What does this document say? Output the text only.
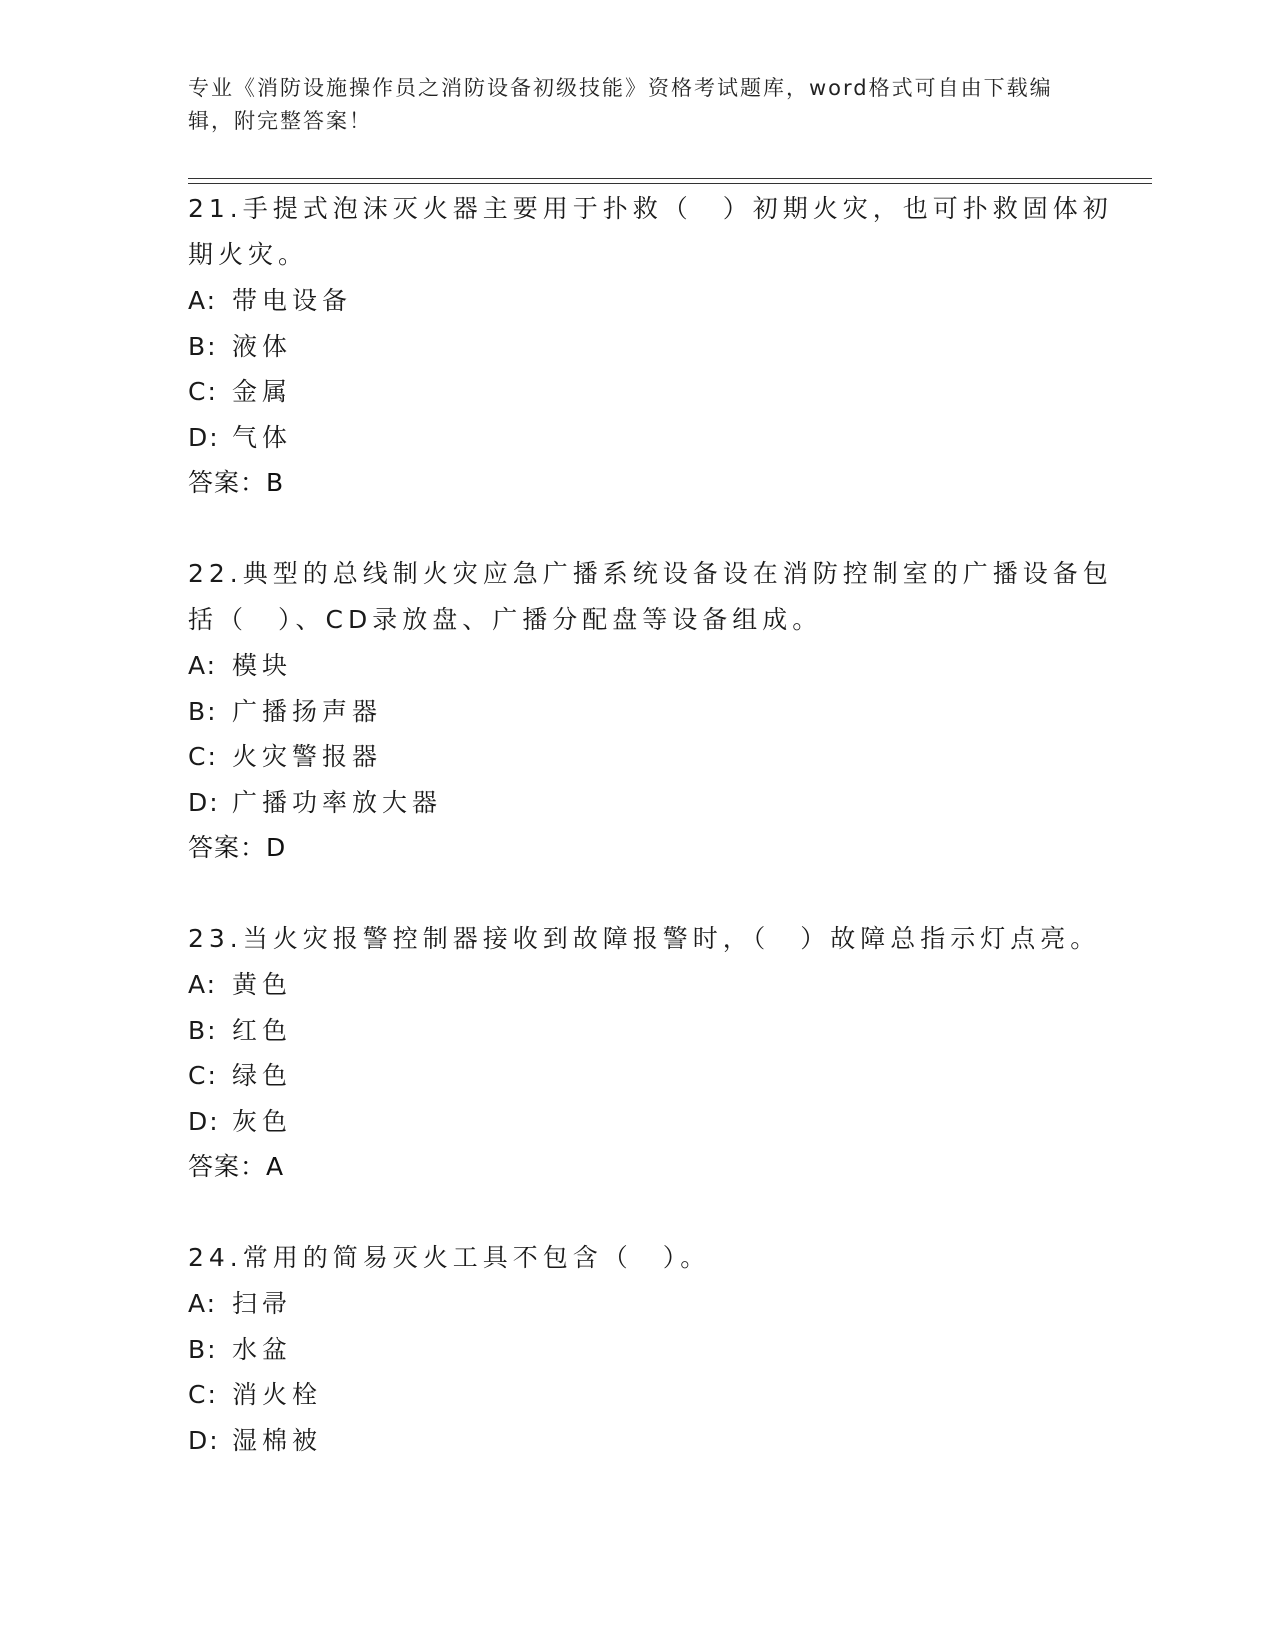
专业《消防设施操作员之消防设备初级技能》资格考试题库，word格式可自由下载编辑，附完整答案！
21.手提式泡沫灭火器主要用于扑救（　）初期火灾，也可扑救固体初期火灾。
A: 带电设备
B: 液体
C: 金属
D: 气体
答案：B
22.典型的总线制火灾应急广播系统设备设在消防控制室的广播设备包括（　）、CD录放盘、广播分配盘等设备组成。
A: 模块
B: 广播扬声器
C: 火灾警报器
D: 广播功率放大器
答案：D
23.当火灾报警控制器接收到故障报警时，（　）故障总指示灯点亮。
A: 黄色
B: 红色
C: 绿色
D: 灰色
答案：A
24.常用的简易灭火工具不包含（　）。
A: 扫帚
B: 水盆
C: 消火栓
D: 湿棉被
